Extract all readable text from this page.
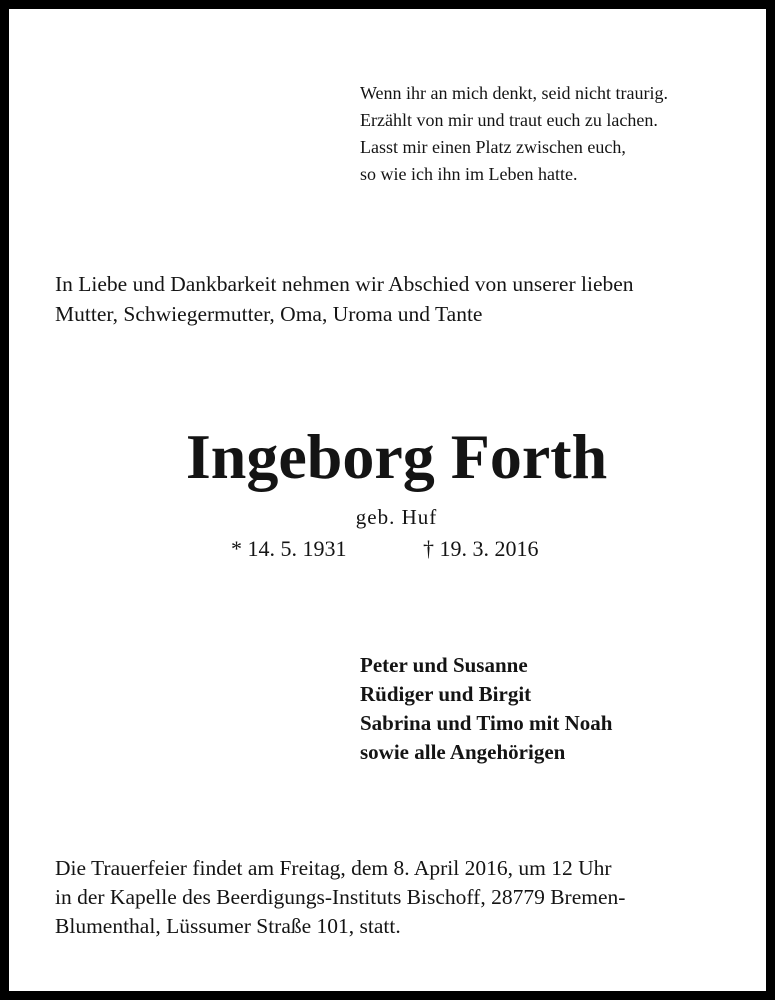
Wenn ihr an mich denkt, seid nicht traurig.
Erzählt von mir und traut euch zu lachen.
Lasst mir einen Platz zwischen euch,
so wie ich ihn im Leben hatte.
In Liebe und Dankbarkeit nehmen wir Abschied von unserer lieben
Mutter, Schwiegermutter, Oma, Uroma und Tante
Ingeborg Forth
geb. Huf
* 14. 5. 1931	† 19. 3. 2016
Peter und Susanne
Rüdiger und Birgit
Sabrina und Timo mit Noah
sowie alle Angehörigen
Die Trauerfeier findet am Freitag, dem 8. April 2016, um 12 Uhr
in der Kapelle des Beerdigungs-Instituts Bischoff, 28779 Bremen-
Blumenthal, Lüssumer Straße 101, statt.
